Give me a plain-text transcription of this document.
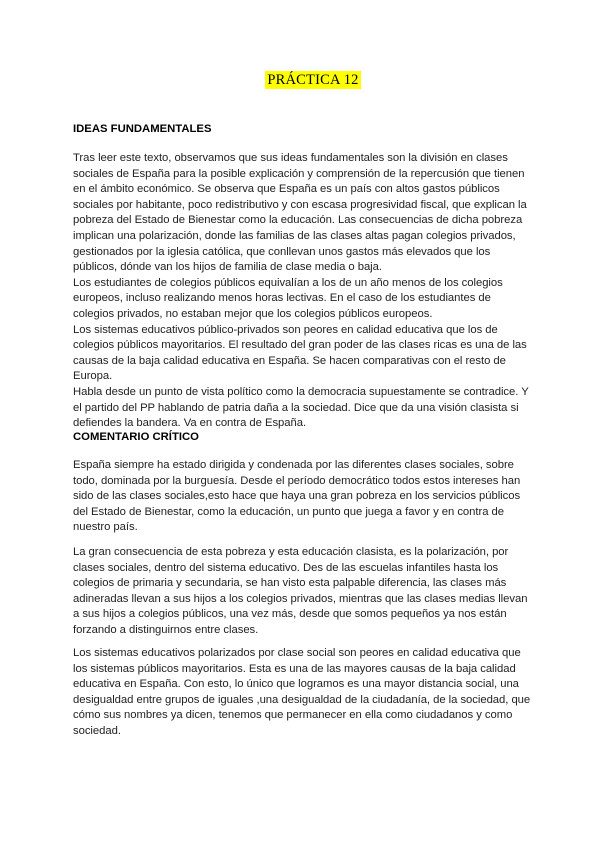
PRÁCTICA 12
IDEAS FUNDAMENTALES
Tras leer este texto, observamos que sus ideas fundamentales son la división en clases
sociales de España para la posible explicación y comprensión de la repercusión que tienen
en el ámbito económico. Se observa que España es un país con altos gastos públicos
sociales por habitante, poco redistributivo y con escasa progresividad fiscal, que explican la
pobreza del Estado de Bienestar como la educación. Las consecuencias de dicha pobreza
implican una polarización, donde las familias de las clases altas pagan colegios privados,
gestionados por la iglesia católica, que conllevan unos gastos más elevados que los
públicos, dónde van los hijos de familia de clase media o baja.
Los estudiantes de colegios públicos equivalían a los de un año menos de los colegios
europeos, incluso realizando menos horas lectivas. En el caso de los estudiantes de
colegios privados, no estaban mejor que los colegios públicos europeos.
Los sistemas educativos público-privados son peores en calidad educativa que los de
colegios públicos mayoritarios. El resultado del gran poder de las clases ricas es una de las
causas de la baja calidad educativa en España. Se hacen comparativas con el resto de
Europa.
Habla desde un punto de vista político como la democracia supuestamente se contradice. Y
el partido del PP hablando de patria daña a la sociedad. Dice que da una visión clasista si
defiendes la bandera. Va en contra de España.
COMENTARIO CRÍTICO
España siempre ha estado dirigida y condenada por las diferentes clases sociales, sobre
todo, dominada por la burguesía. Desde el período democrático todos estos intereses han
sido de las clases sociales,esto hace que haya una gran pobreza en los servicios públicos
del Estado de Bienestar, como la educación, un punto que juega a favor y en contra de
nuestro país.
La gran consecuencia de esta pobreza y esta educación clasista, es la polarización, por
clases sociales, dentro del sistema educativo. Des de las escuelas infantiles hasta los
colegios de primaria y secundaria, se han visto esta palpable diferencia, las clases más
adineradas llevan a sus hijos a los colegios privados, mientras que las clases medias llevan
a sus hijos a colegios públicos, una vez más, desde que somos pequeños ya nos están
forzando a distinguirnos entre clases.
Los sistemas educativos polarizados por clase social son peores en calidad educativa que
los sistemas públicos mayoritarios. Esta es una de las mayores causas de la baja calidad
educativa en España. Con esto, lo único que logramos es una mayor distancia social, una
desigualdad entre grupos de iguales ,una desigualdad de la ciudadanía, de la sociedad, que
cómo sus nombres ya dicen, tenemos que permanecer en ella como ciudadanos y como
sociedad.
